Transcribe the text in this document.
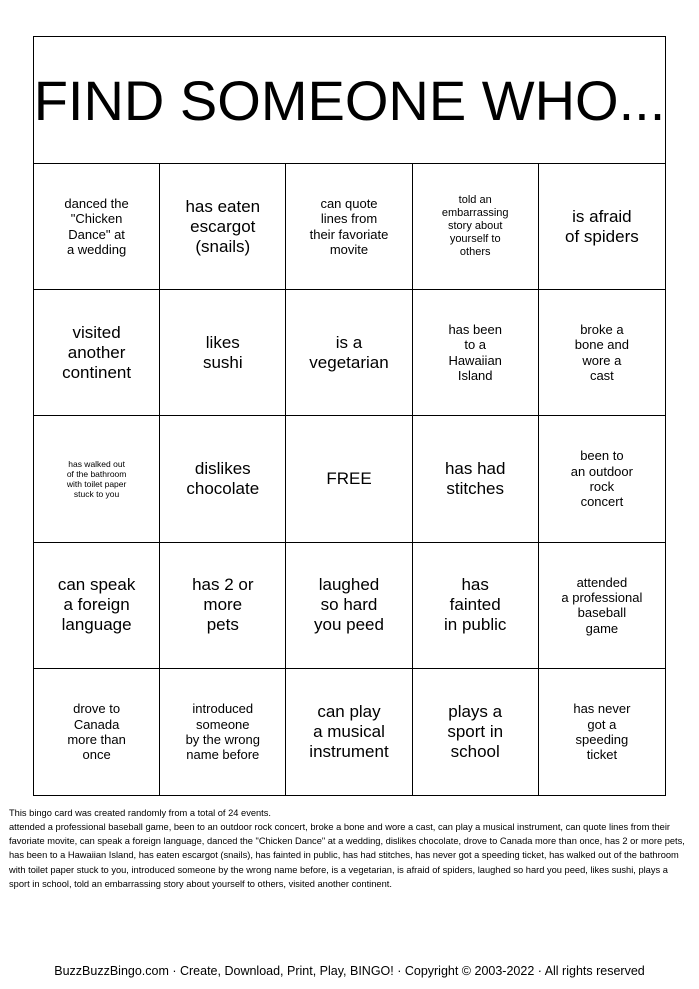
FIND SOMEONE WHO...
danced the
"Chicken
Dance" at
a wedding
has eaten
escargot
(snails)
can quote
lines from
their favoriate
movite
told an
embarrassing
story about
yourself to
others
is afraid
of spiders
visited
another
continent
likes
sushi
is a
vegetarian
has been
to a
Hawaiian
Island
broke a
bone and
wore a
cast
has walked out
of the bathroom
with toilet paper
stuck to you
dislikes
chocolate
FREE
has had
stitches
been to
an outdoor
rock
concert
can speak
a foreign
language
has 2 or
more
pets
laughed
so hard
you peed
has
fainted
in public
attended
a professional
baseball
game
drove to
Canada
more than
once
introduced
someone
by the wrong
name before
can play
a musical
instrument
plays a
sport in
school
has never
got a
speeding
ticket

This bingo card was created randomly from a total of 24 events.

attended a professional baseball game, been to an outdoor rock concert, broke a bone and wore a cast, can play a musical instrument, can quote lines from their favoriate movite, can speak a foreign language, danced the "Chicken Dance" at a wedding, dislikes chocolate, drove to Canada more than once, has 2 or more pets, has been to a Hawaiian Island, has eaten escargot (snails), has fainted in public, has had stitches, has never got a speeding ticket, has walked out of the bathroom with toilet paper stuck to you, introduced someone by the wrong name before, is a vegetarian, is afraid of spiders, laughed so hard you peed, likes sushi, plays a sport in school, told an embarrassing story about yourself to others, visited another continent.

BuzzBuzzBingo.com · Create, Download, Print, Play, BINGO! · Copyright © 2003-2022 · All rights reserved
